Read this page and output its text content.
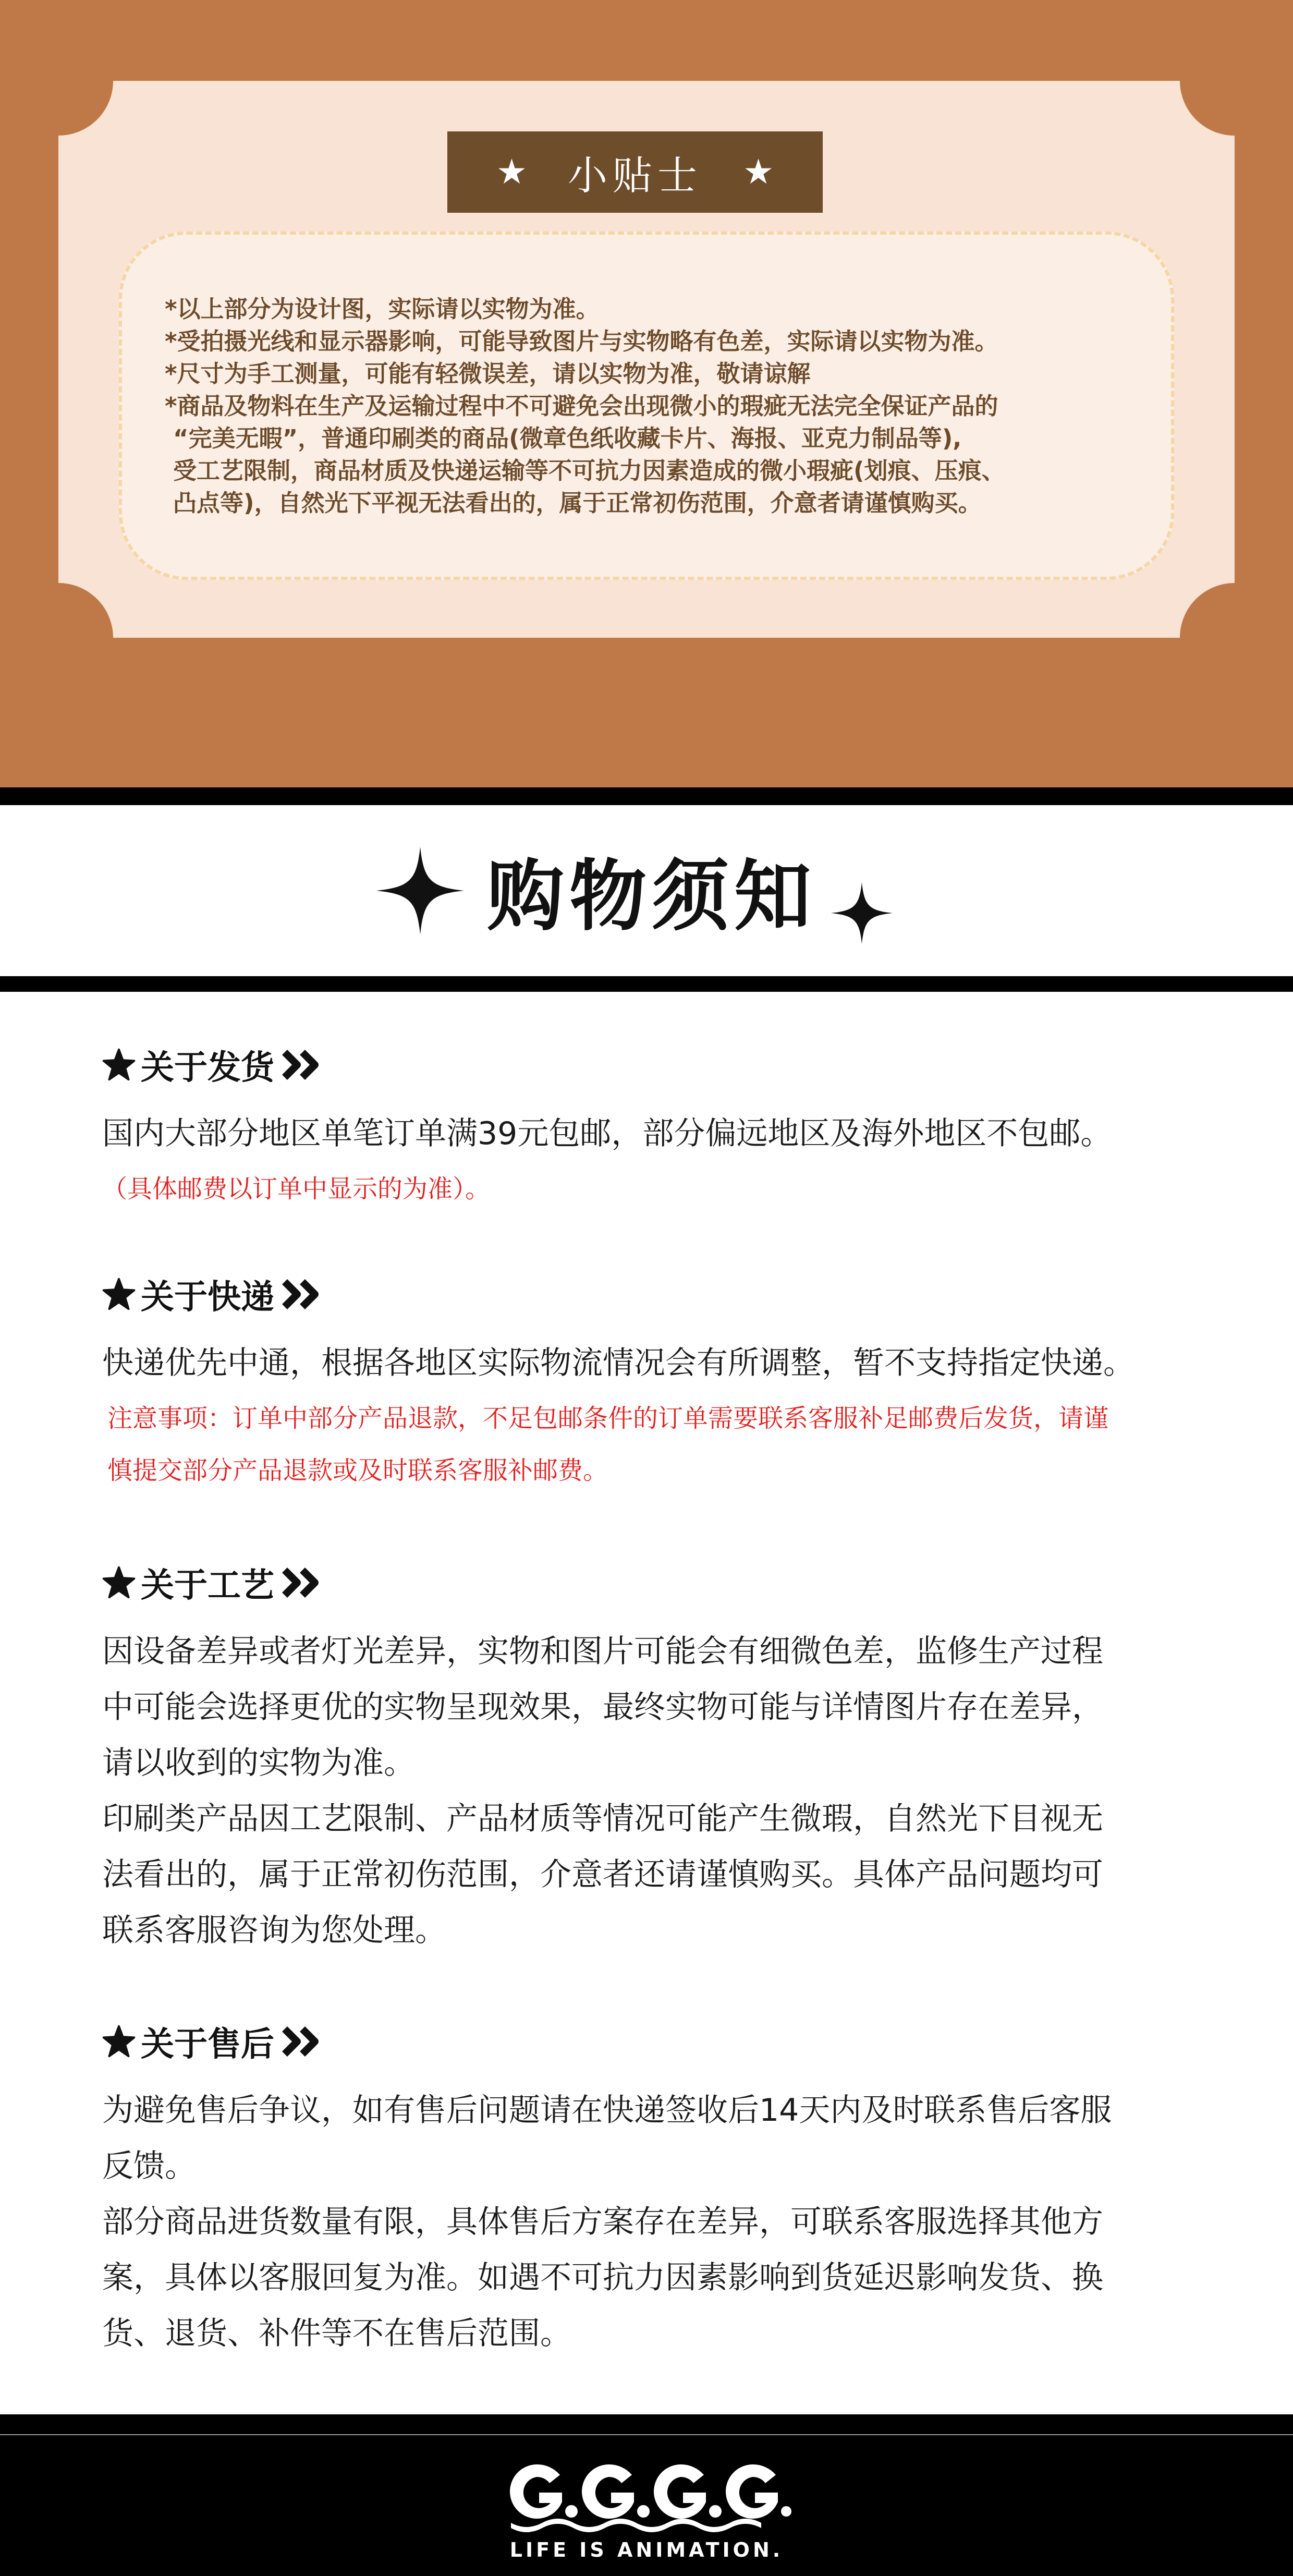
★ 小贴士 ★
*以上部分为设计图，实际请以实物为准。
*受拍摄光线和显示器影响，可能导致图片与实物略有色差，实际请以实物为准。
*尺寸为手工测量，可能有轻微误差，请以实物为准，敬请谅解
*商品及物料在生产及运输过程中不可避免会出现微小的瑕疵无法完全保证产品的
“完美无暇”，普通印刷类的商品(微章色纸收藏卡片、海报、亚克力制品等),
受工艺限制，商品材质及快递运输等不可抗力因素造成的微小瑕疵(划痕、压痕、
凸点等)，自然光下平视无法看出的，属于正常初伤范围，介意者请谨慎购买。
购物须知
关于发货
国内大部分地区单笔订单满39元包邮，部分偏远地区及海外地区不包邮。
（具体邮费以订单中显示的为准）。
关于快递
快递优先中通，根据各地区实际物流情况会有所调整，暂不支持指定快递。
注意事项：订单中部分产品退款，不足包邮条件的订单需要联系客服补足邮费后发货，请谨
慎提交部分产品退款或及时联系客服补邮费。
关于工艺
因设备差异或者灯光差异，实物和图片可能会有细微色差，监修生产过程
中可能会选择更优的实物呈现效果，最终实物可能与详情图片存在差异，
请以收到的实物为准。
印刷类产品因工艺限制、产品材质等情况可能产生微瑕，自然光下目视无
法看出的，属于正常初伤范围，介意者还请谨慎购买。具体产品问题均可
联系客服咨询为您处理。
关于售后
为避免售后争议，如有售后问题请在快递签收后14天内及时联系售后客服
反馈。
部分商品进货数量有限，具体售后方案存在差异，可联系客服选择其他方
案，具体以客服回复为准。如遇不可抗力因素影响到货延迟影响发货、换
货、退货、补件等不在售后范围。
LIFE IS ANIMATION.
